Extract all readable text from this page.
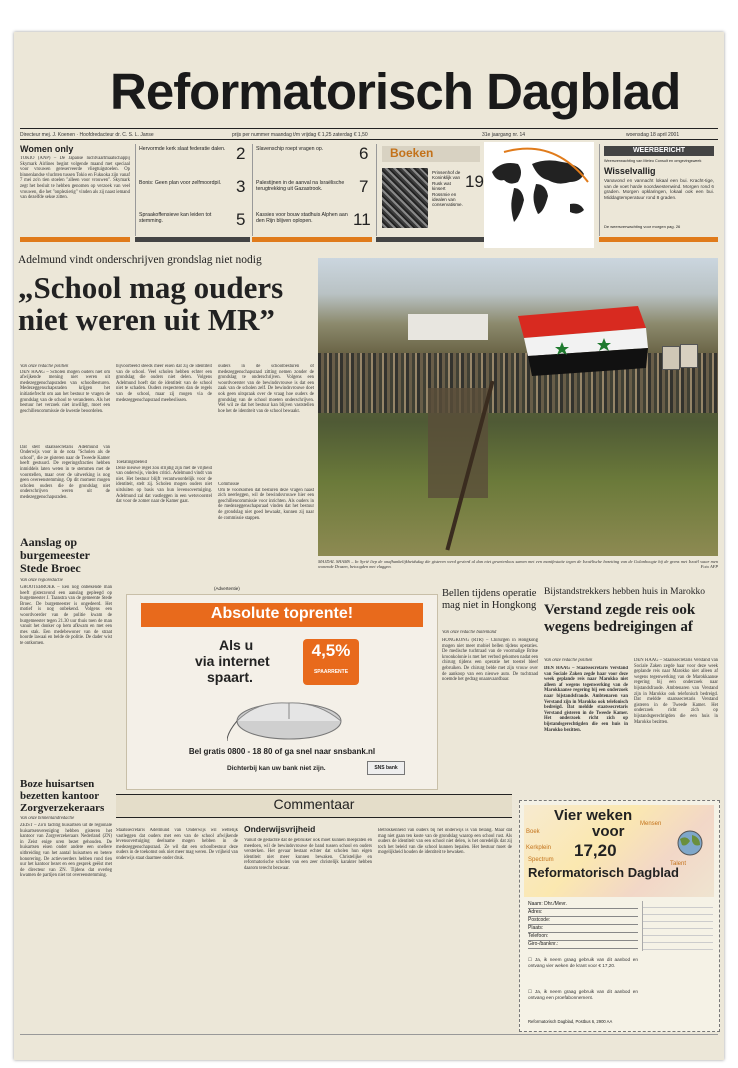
Reformatorisch Dagblad
Directeur mej. J. Koenen · Hoofdredacteur dr. C. S. L. Janse	prijs per nummer maandag t/m vrijdag € 1,25 zaterdag € 1,50	31e jaargang nr. 14	woensdag 18 april 2001
Women only
TOKIO (ANP) – De Japanse luchtvaartmaatschappij Skymark Airlines begint volgende maand met speciaal voor vrouwen gereserveerde vliegtuigstoelen. Op binnenlandse vluchten tussen Tokio en Fukuoka zijn vanaf 7 mei zo'n tien stoelen "alleen voor vrouwen". Skymark zegt het besluit te hebben genomen op verzoek van veel vrouwen, die het "onplezierig" vinden als zij naast iemand van dezelfde sekse zitten.
Hervormde kerk slaat federatie dalen. 2
Bonis: Geen plan voor zelfmoordpil. 3
Spraakoffensieve kan leiden tot stemming.	5
Slavenschip roept vragen op.	6
Palestijnen in de aanval na Israëlische terugtrekking uit Gazastrook.	7
Kassies voor bouw stadhuis Alphen aan den Rijn blijven oplopen.	11
Boeken
Prinsenhof de Koninklijk van Rusk wat kinsert Rossmie en idealen van conservatisme.
19
WEERBERICHT
Weersverwachting van Meteo Consult en omgevingsweek
Wisselvallig
Vanavond en vannacht lokaal een bui. Kracht-tige, van de voet harde noordwestenwind. Morgen rond 6 graden. Morgen opklaringen, lokaal ook een bui. Middagtemperatuur rond 8 graden.
De weersverwachting voor morgen pag. 26
Adelmund vindt onderschrijven grondslag niet nodig
„School mag ouders niet weren uit MR”
Van onze redactie politiek
DEN HAAG – Scholen mogen ouders niet om afwijkende mening niet weren uit medezeggenschapsraden van schoolbesturen. Medezeggenschapsraden krijgen het initiatiefrecht om aan het bestuur te vragen de grondslag van de school te veranderen. Als het bestuur het verzoek niet inwilligt, moet een geschillencommissie de kwestie beoordelen.
Dat stelt staatssecretaris Adelmund van Onderwijs voor in de nota "Scholen als de school", die ze gisteren naar de Tweede Kamer heeft gestuurd. De regeringsfracties hebben inmiddels laten weten in te stemmen met de voorstellen, maar over de uitwerking is nog geen overeenstemming. Op dit moment mogen scholen ouders die de grondslag niet onderschrijven weren uit de medezeggenschapsraden.
bijvoorbeeld steeds meer eisen dat zij de identiteit van de school. Veel scholen hebben echter een grondslag die ouders niet delen. Volgens Adelmund hoeft dat de identiteit van de school niet te schaden. Ouders respecteren dan de regels van de school, maar zij mogen via de medezeggenschapsraad meebeslissen.
Toelatingsbeleid
Deze nieuwe regel zou strijdig zijn met de vrijheid van onderwijs, vinden critici. Adelmund vindt van niet. Het bestuur blijft verantwoordelijk voor de identiteit, stelt zij. Scholen mogen ouders niet uitsluiten op basis van hun levensovertuiging. Adelmund zal dat vastleggen in een wetsvoorstel dat voor de zomer naar de Kamer gaat.
ouders in de schoolbesturen of medezeggenschapsraad zitting nemen zonder de grondslag te onderschrijven. Volgens een woordvoerster van de bewindsvrouwe is dat een zaak van de scholen zelf. De bewindsvrouwe doet ook geen uitspraak over de vraag hoe ouders de grondslag van de school moeten onderschrijven. Wel wil ze dat het bestuur kan blijven vaststellen hoe het de identiteit van de school bewaakt.
Commissie
Om te voorkomen dat besturen deze vragen naast zich neerleggen, wil de bewindsvrouwe hier een geschillencommissie voor inrichten. Als ouders in de medezeggenschapsraad vinden dat het bestuur de grondslag niet goed bewaakt, kunnen zij naar de commissie stappen.
MAJDAL SHAMS – In Syrië liep de onafhankelijkheidsdag die gisteren werd gevierd al dan niet gewetenloos samen met een manifestatie tegen de Israëlische bezetting van de Golanhoogte bij de grens met Israël waar men wonende Druzen, betoogden met vlaggen.	Foto AFP
Aanslag op burgemeester Stede Broec
Van onze regioredactie
GROOTEBROEK – Een nog onbekende man heeft gisteravond een aanslag gepleegd op burgemeester J. Taanstra van de gemeente Stede Broec. De burgemeester is ongedeerd. Het motief is nog onbekend. Volgens een woordvoerder van de politie kwam de burgemeester tegen 21.30 uur thuis toen de man vanuit het donker op hem afkwam en met een mes stak. Een medebewoner van de straat hoorde lawaai en belde de politie. De dader wist te ontkomen.
Boze huisartsen bezetten kantoor Zorgverzekeraars
Van onze binnenlandredactie
ZEIST – Zo'n tachtig huisartsen uit de regionale huisartsenvereniging hebben gisteren het kantoor van Zorgverzekeraars Nederland (ZN) in Zeist enige uren bezet gehouden. De huisartsen eisen onder andere een snellere uitbreiding van het aantal huisartsen en betere honorering. De actievoerders hebben rond tien uur het kantoor bezet en een gesprek geëist met de directeur van ZN. Tijdens dat overleg kwamen de partijen niet tot overeenstemming.
(Advertentie)
Absolute toprente!
Als u
via internet
spaart.
4,5%
SPAARRENTE
Bel gratis 0800 - 18 80 of ga snel naar snsbank.nl
Dichterbij kan uw bank niet zijn.	SNS bank
Bellen tijdens operatie mag niet in Hongkong
Van onze redactie buitenland
HONGKONG (RTR) – Chirurgen in Hongkong mogen niet meer mobiel bellen tijdens operaties. De medische tuchtraad van de voormalige Britse kroonkolonie is met het verbod gekomen nadat een chirurg tijdens een operatie het toestel bleef gebruiken. De chirurg belde met zijn vrouw over de aankoop van een nieuwe auto. De tuchtraad noemde het gedrag onaanvaardbaar.
Bijstandstrekkers hebben huis in Marokko
Verstand zegde reis ook wegens bedreigingen af
Van onze redactie politiek
DEN HAAG – Staatssecretaris Verstand van Sociale Zaken zegde haar voor deze week geplande reis naar Marokko niet alleen af wegens tegenwerking van de Marokkaanse regering bij een onderzoek naar bijstandsfraude. Ambtenaren van Verstand zijn in Marokko ook telefonisch bedreigd. Dat meldde staatssecretaris Verstand gisteren in de Tweede Kamer. Het onderzoek richt zich op bijstandsgerechtigden die een huis in Marokko bezitten.
DEN HAAG – Staatssecretaris Verstand van Sociale Zaken zegde haar voor deze week geplande reis naar Marokko niet alleen af wegens tegenwerking van de Marokkaanse regering bij een onderzoek naar bijstandsfraude. Ambtenaren van Verstand zijn in Marokko ook telefonisch bedreigd. Dat meldde staatssecretaris Verstand gisteren in de Tweede Kamer. Het onderzoek richt zich op bijstandsgerechtigden die een huis in Marokko bezitten.
Commentaar
Onderwijsvrijheid
Staatssecretaris Adelmund van Onderwijs wil wettelijk vastleggen dat ouders met een van de school afwijkende levensovertuiging deelname mogen hebben in de medezeggenschapsraad. Ze wil dat een schoolbestuur deze ouders in de toekomst ook niet meer mag weren. De vrijheid van onderwijs staat daarmee onder druk.
Vanuit de gedachte dat de gebruiker ook moet kunnen meepraten en meedoen, wil de bewindsvrouwe de band tussen school en ouders versterken. Het gevaar bestaat echter dat scholen hun eigen identiteit niet meer kunnen bewaken. Christelijke en reformatorische scholen van een zeer christelijk karakter hebben daarom terecht bezwaar.
Betrokkenheid van ouders bij het onderwijs is van belang. Maar dat mag niet gaan ten koste van de grondslag waarop een school rust. Als ouders de identiteit van een school niet delen, is het onredelijk dat zij toch het beleid van die school kunnen bepalen. Het bestuur moet de mogelijkheid houden de identiteit te bewaken.
Vier weken
voor
17,20
Reformatorisch Dagblad
Boek
Kerkplein
Spectrum
Mensen
Talent
Naam: Dhr./Mevr.
Adres:
Postcode:
Plaats:
Telefoon:
Giro-/banknr.:
☐ Ja, ik neem graag gebruik van dit aanbod en ontvang vier weken de krant voor € 17,20.
☐ Ja, ik neem graag gebruik van dit aanbod en ontvang een proefabonnement.
Reformatorisch Dagblad, Postbus 6, 2900 AA
